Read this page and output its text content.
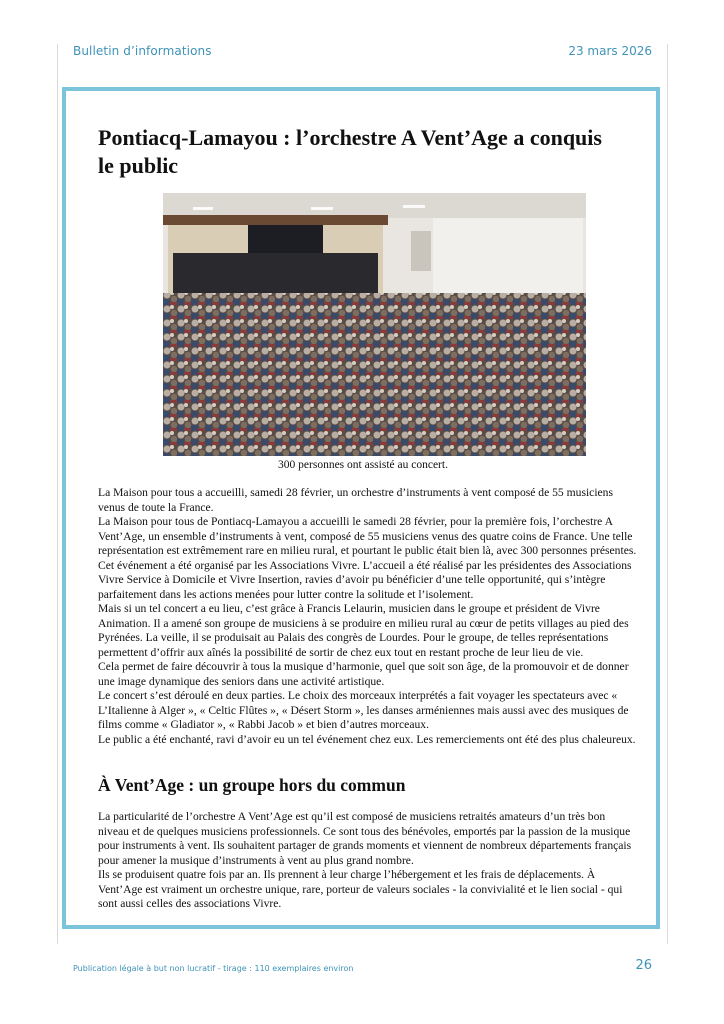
Bulletin d’informations	23 mars 2026
Pontiacq-Lamayou : l’orchestre A Vent’Age a conquis le public
300 personnes ont assisté au concert.

La Maison pour tous a accueilli, samedi 28 février, un orchestre d’instruments à vent composé de 55 musiciens venus de toute la France.

La Maison pour tous de Pontiacq-Lamayou a accueilli le samedi 28 février, pour la première fois, l’orchestre A Vent’Age, un ensemble d’instruments à vent, composé de 55 musiciens venus des quatre coins de France. Une telle représentation est extrêmement rare en milieu rural, et pourtant le public était bien là, avec 300 personnes présentes.

Cet événement a été organisé par les Associations Vivre. L’accueil a été réalisé par les présidentes des Associations Vivre Service à Domicile et Vivre Insertion, ravies d’avoir pu bénéficier d’une telle opportunité, qui s’intègre parfaitement dans les actions menées pour lutter contre la solitude et l’isolement.

Mais si un tel concert a eu lieu, c’est grâce à Francis Lelaurin, musicien dans le groupe et président de Vivre Animation. Il a amené son groupe de musiciens à se produire en milieu rural au cœur de petits villages au pied des Pyrénées. La veille, il se produisait au Palais des congrès de Lourdes. Pour le groupe, de telles représentations permettent d’offrir aux aînés la possibilité de sortir de chez eux tout en restant proche de leur lieu de vie.

Cela permet de faire découvrir à tous la musique d’harmonie, quel que soit son âge, de la promouvoir et de donner une image dynamique des seniors dans une activité artistique.

Le concert s’est déroulé en deux parties. Le choix des morceaux interprétés a fait voyager les spectateurs avec « L’Italienne à Alger », « Celtic Flûtes », « Désert Storm », les danses arméniennes mais aussi avec des musiques de films comme « Gladiator », « Rabbi Jacob » et bien d’autres morceaux.

Le public a été enchanté, ravi d’avoir eu un tel événement chez eux. Les remerciements ont été des plus chaleureux.

À Vent’Age : un groupe hors du commun

La particularité de l’orchestre A Vent’Age est qu’il est composé de musiciens retraités amateurs d’un très bon niveau et de quelques musiciens professionnels. Ce sont tous des bénévoles, emportés par la passion de la musique pour instruments à vent. Ils souhaitent partager de grands moments et viennent de nombreux départements français pour amener la musique d’instruments à vent au plus grand nombre.

Ils se produisent quatre fois par an. Ils prennent à leur charge l’hébergement et les frais de déplacements. À Vent’Age est vraiment un orchestre unique, rare, porteur de valeurs sociales - la convivialité et le lien social - qui sont aussi celles des associations Vivre.

Publication légale à but non lucratif - tirage : 110 exemplaires environ	26
